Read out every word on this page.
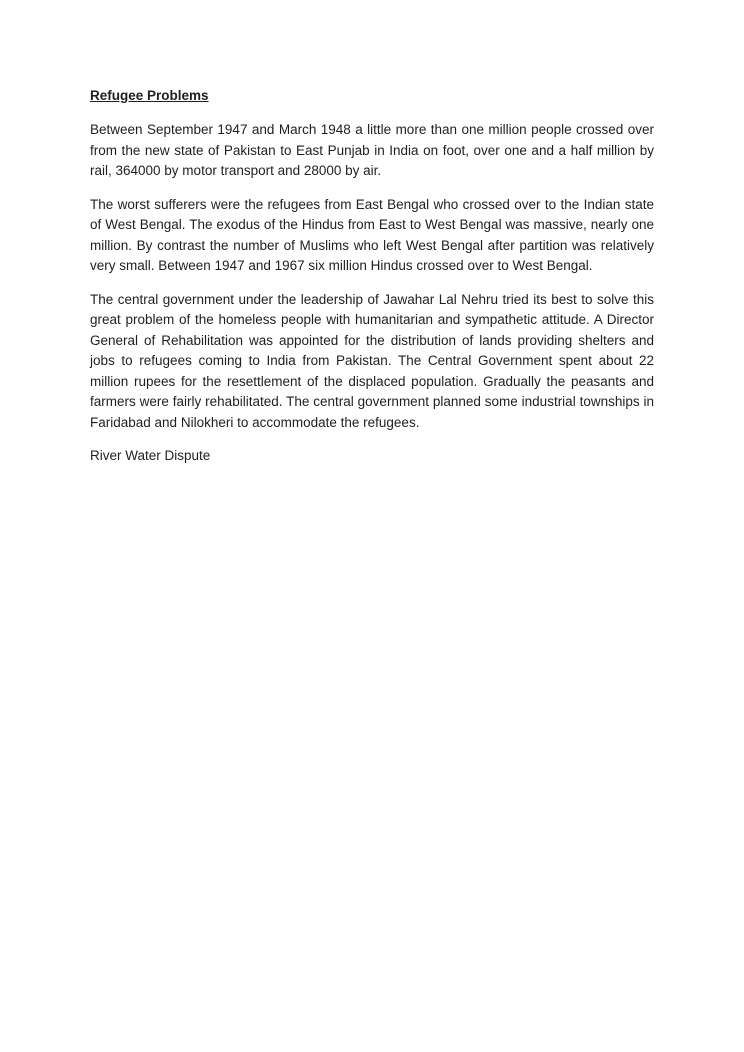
Refugee Problems

Between September 1947 and March 1948 a little more than one million people crossed over from the new state of Pakistan to East Punjab in India on foot, over one and a half million by rail, 364000 by motor transport and 28000 by air.

The worst sufferers were the refugees from East Bengal who crossed over to the Indian state of West Bengal. The exodus of the Hindus from East to West Bengal was massive, nearly one million. By contrast the number of Muslims who left West Bengal after partition was relatively very small. Between 1947 and 1967 six million Hindus crossed over to West Bengal.

The central government under the leadership of Jawahar Lal Nehru tried its best to solve this great problem of the homeless people with humanitarian and sympathetic attitude. A Director General of Rehabilitation was appointed for the distribution of lands providing shelters and jobs to refugees coming to India from Pakistan. The Central Government spent about 22 million rupees for the resettlement of the displaced population. Gradually the peasants and farmers were fairly rehabilitated. The central government planned some industrial townships in Faridabad and Nilokheri to accommodate the refugees.

River Water Dispute
